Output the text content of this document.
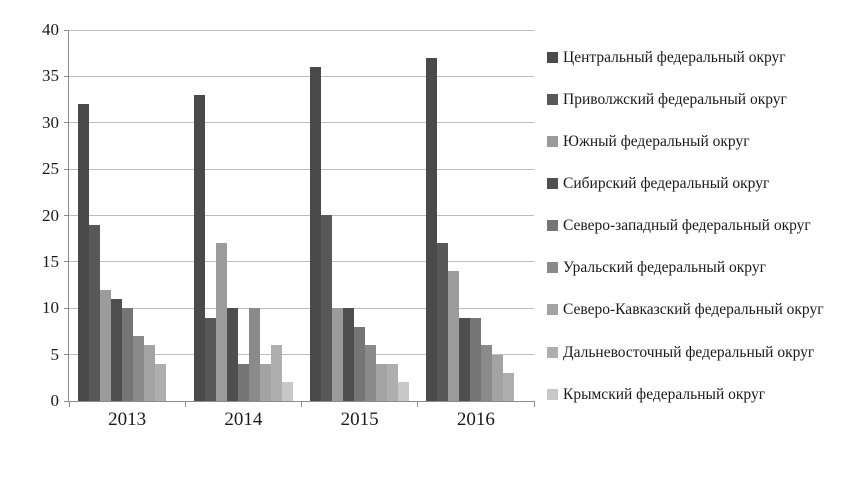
0
5
10
15
20
25
30
35
40
2013	2014	2015	2016
Центральный федеральный округ
Приволжский федеральный округ
Южный федеральный округ
Сибирский федеральный округ
Северо-западный федеральный округ
Уральский федеральный округ
Северо-Кавказский федеральный округ
Дальневосточный федеральный округ
Крымский федеральный округ
